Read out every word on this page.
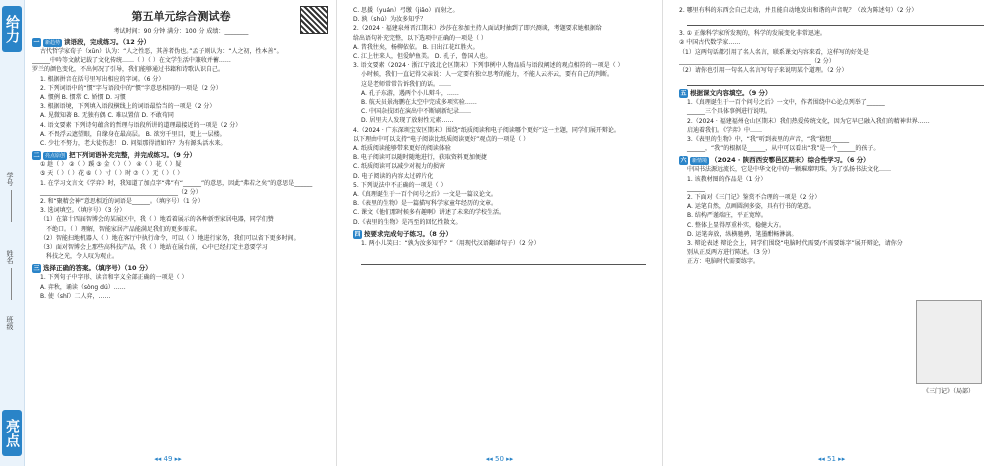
给力
学号
姓名
班级
亮点
第五单元综合测试卷
考试时间：90 分钟 满分：100 分 成绩：________
一 新趋势 读语段，完成练习。（12 分）
古代哲学家荀子（xūn）认为：“人之性恶，其善者伪也。”孟子则认为：“人之初，性本善”。
______中吟等文献记载了文化传统……（ ）（ ）在文学生活中兼收并蓄……
罗兰的颜色变化，不出何况了引导，我们能够通过书籍和诗歌认识自己。
1. 根据拼音在括号里写出相应的字词。（6 分）
2. 下列词语中的“惯”字与语段中的“惯”字意思相同的一项是（2 分）
A. 惯例 B. 惯常 C. 娇惯 D. 习惯
3. 根据语境，下列填入语段横线上的词语最恰当的一项是（2 分）
A. 见微知著 B. 无独有偶 C. 难以置信 D. 不敢苟同
4. 语文要素 下列诗句蕴含的哲理与语段所讲的道理最接近的一项是（2 分）
A. 不畏浮云遮望眼，自缘身在最高层。 B. 欲穷千里目，更上一层楼。
C. 少壮不努力，老大徒伤悲！ D. 问渠那得清如许？为有源头活水来。
二 亮点原创 把下列词语补充完整，并完成练习。（9 分）
① 趁（ ） ②（ ）蹊 ③ 金（ ）（ ） ④（ ）花（ ）疑
⑤ 天（ ）（ ）花 ⑥（ ）寸（ ）时 ⑦（ ）无（ ）（ ）
1. 在学习文言文《学弈》时，我知道了加点字“弗”有“______”的意思，因此“弗若之矣”的意思是______
______________________________________________（2 分）
2. 和“聚精会神”意思相近的词语是______。（填序号）（1 分）
3. 选词填空。（填序号）（3 分）
（1）在第十四届智博会的某展区中，我（ ）地看着展示的各种新型家居电器，同学们赞
不绝口。（ ）理解，智能家居产品能满足我们的更多需求。
（2）智能扫地机器人（ ）地在客厅中执行命令，可以（ ）地进行家务，我们可以省下更多时间。
（3）面对智博会上那些高科技产品，我（ ）地站在展台前，心中已经打定主意要学习
科技之光，令人叹为观止。
三 选择正确的答案。（填序号）（10 分）
1. 下列句子中字形、读音和字义全部正确的一项是（ ）
A. 弈秋，诵读（sòng dú）……
B. 使（shǐ）二人弈，……
◂◂ 49 ▸▸
C. 思援（yuán）弓缴（jiǎo）而射之。
D. 孰（shú）为汝多知乎？
2.（2024 · 福建泉州晋江期末）沙莎在参加主持人面试时抽到了即兴测谈，考题要求她根据给
给出语句补充完整，以下选项中正确的一项是（ ）
A. 昔我往矣，杨柳依依。 B. 日出江花红胜火。
C. 江上往来人，但爱鲈鱼美。 D. 孔子，鲁国人也。
3. 语文要素（2024 · 浙江宁波北仑区期末）下列事例中人物品质与语段阐述的观点相符的一项是（ ）
小时候，我们一直记得父亲说：人一定要有独立思考的能力，不能人云亦云，要有自己的判断。
这是老师常常告诉我们的话。……
A. 孔子东游，遇两个小儿辩斗，……
B. 航天员景海鹏在太空中完成多项实验……
C. 中国杂技团在演出中不断刷新纪录……
D. 居里夫人发现了放射性元素……
4.（2024 · 广东深圳宝安区期末）围绕“纸质阅读和电子阅读哪个更好”这一主题，同学们展开辩论。
以下理由中可以支持“电子阅读比纸质阅读更好”观点的一项是（ ）
A. 纸质阅读能够带来更好的阅读体验
B. 电子阅读可以随时随地进行，获取资料更加便捷
C. 纸质阅读可以减少对视力的损害
D. 电子阅读的内容太过碎片化
5. 下列说法中不正确的一项是（ ）
A.《真理诞生于一百个问号之后》一文是一篇议论文。
B.《表里的生物》是一篇描写科学家童年经历的文章。
C. 课文《他们那时候多有趣啊》讲述了未来的学校生活。
D.《表里的生物》是冯至的回忆性散文。
四 按要求完成句子练习。（8 分）
1. 两小儿笑曰：“孰为汝多知乎？”（用现代汉语翻译句子）（2 分）
◂◂ 50 ▸▸
2. 哪里有科的东西会自己走动，并且能自动地发出和谐的声音呢？（改为陈述句）（2 分）
3. ① 正像科学家所发现的，科学的发展变化非常迅速。
② 中国古代数学家……
（1）这两句话都引用了名人名言，联系课文内容来看，这样写的好处是
____________________________________________（2 分）
（2）请你也引用一句名人名言写句子来说明某个道理。（2 分）
五 根据课文内容填空。（9 分）
1.《真理诞生于一百个问号之后》一文中，作者围绕中心论点列举了______
______三个具体事例进行说明。
2.（2024 · 福建福州仓山区期末）我们热爱传统文化，因为它早已融入我们的精神世界……
启迪着我们。《学弈》中……
3.《表里的生物》中，“我”听到表里的声音，“我”猜想______
______，“我”的根据是______，从中可以看出“我”是一个______的孩子。
六 新情境 （2024 · 陕西西安鄠邑区期末）综合性学习。（6 分）
中国书法源远流长，它是中华文化中的一颗璀璨明珠。为了弘扬书法文化……
1. 该教材图的作品是（1 分）
______
2. 下面对《三门记》鉴赏不合理的一项是（2 分）
A. 运笔自然，点画圆润多姿，具有行书的笔意。
B. 结构严谨端庄，平正宽绰。
C. 整体上显得厚重朴实，稳健大方。
D. 运笔奔放，纵横驰骋，笔墨酣畅淋漓。
3. 辩论表述 辩论会上，同学们围绕“电脑时代需要/不需要练字”展开辩论，请你分
别从正反两方进行陈述。（3 分）
正方：电脑时代需要练字。
《三门记》（局部）
◂◂ 51 ▸▸
